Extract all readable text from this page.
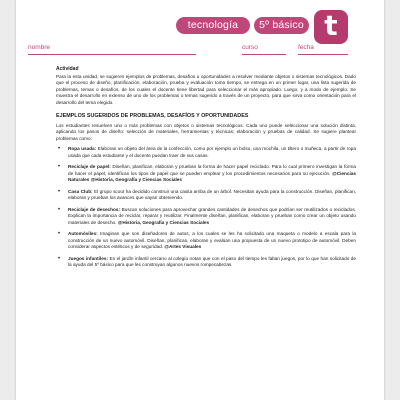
tecnología	5º básico t
nombre	curso	fecha
Actividad

Para la esta unidad, se sugieren ejemplos de problemas, desafíos u oportunidades a resolver mediante objetos o sistemas tecnológicos. Dado que el proceso de diseño, planificación, elaboración, prueba y evaluación toma tiempo, se entrega en un primer lugar, una lista sugerida de problemas, temas o desafíos, de los cuales el docente tiene libertad para seleccionar el más apropiado. Luego, y a modo de ejemplo. Se muestra el desarrollo en extenso de uno de los problemas o temas sugerido a través de un proyecto, para que sirva como orientación para el desarrollo del tema elegido.

EJEMPLOS SUGERIDOS DE PROBLEMAS, DESAFÍOS Y OPORTUNIDADES

Los estudiantes resuelven uno o más problemas con objetos o sistemas tecnológicos. Cada uno puede seleccionar una solución distinta, aplicando los pasos de diseño: selección de materiales, herramientas y técnicas; elaboración y pruebas de calidad. Se sugiere plantear problemas como:

• Ropa usada: Elaboran un objeto del área de la confección, como por ejemplo un bolso, una mochila, un tiltero o muñeca, a partir de ropa usada que cada estudiante y el docente puedan traer de sus casas.
• Reciclaje de papel: Diseñan, planifican, elaboran y prueban la forma de hacer papel reciclado. Para lo cual primero investigan la forma de hacer el papel, identifican los tipos de papel que se pueden emplear y los procedimientos necesarios para su ejecución. @Ciencias Naturales @Historia, Geografía y Ciencias Sociales
• Casa Club: El grupo scout ha decidido construir una casita arriba de un árbol. Necesitan ayuda para la construcción. Diseñan, planifican, elaboran y prueban los avances que vayan obteniendo.
• Reciclaje de desechos: Buscan soluciones para aprovechar grandes cantidades de desechos que podrían ser reutilizados o reciclados. Explican la importancia de reciclar, reparar y reutilizar. Finalmente diseñan, planifican, elaboran y prueban como crear un objeto usando materiales de desecho. @Historia, Geografía y Ciencias Sociales
• Automóviles: Imaginan que son diseñadores de autos, a los cuales se les ha solicitado una maqueta o modelo a escala para la construcción de un nuevo automóvil. Diseñan, planifican, elaboran y evalúan una propuesta de un nuevo prototipo de automóvil. Deben considerar aspectos estéticos y de seguridad. @Artes Visuales
• Juegos infantiles: En el jardín infantil cercano al colegio notan que con el paso del tiempo les faltan juegos, por lo que han solicitado de la ayuda del 5º básico para que les construyan algunos nuevos rompecabezas.
